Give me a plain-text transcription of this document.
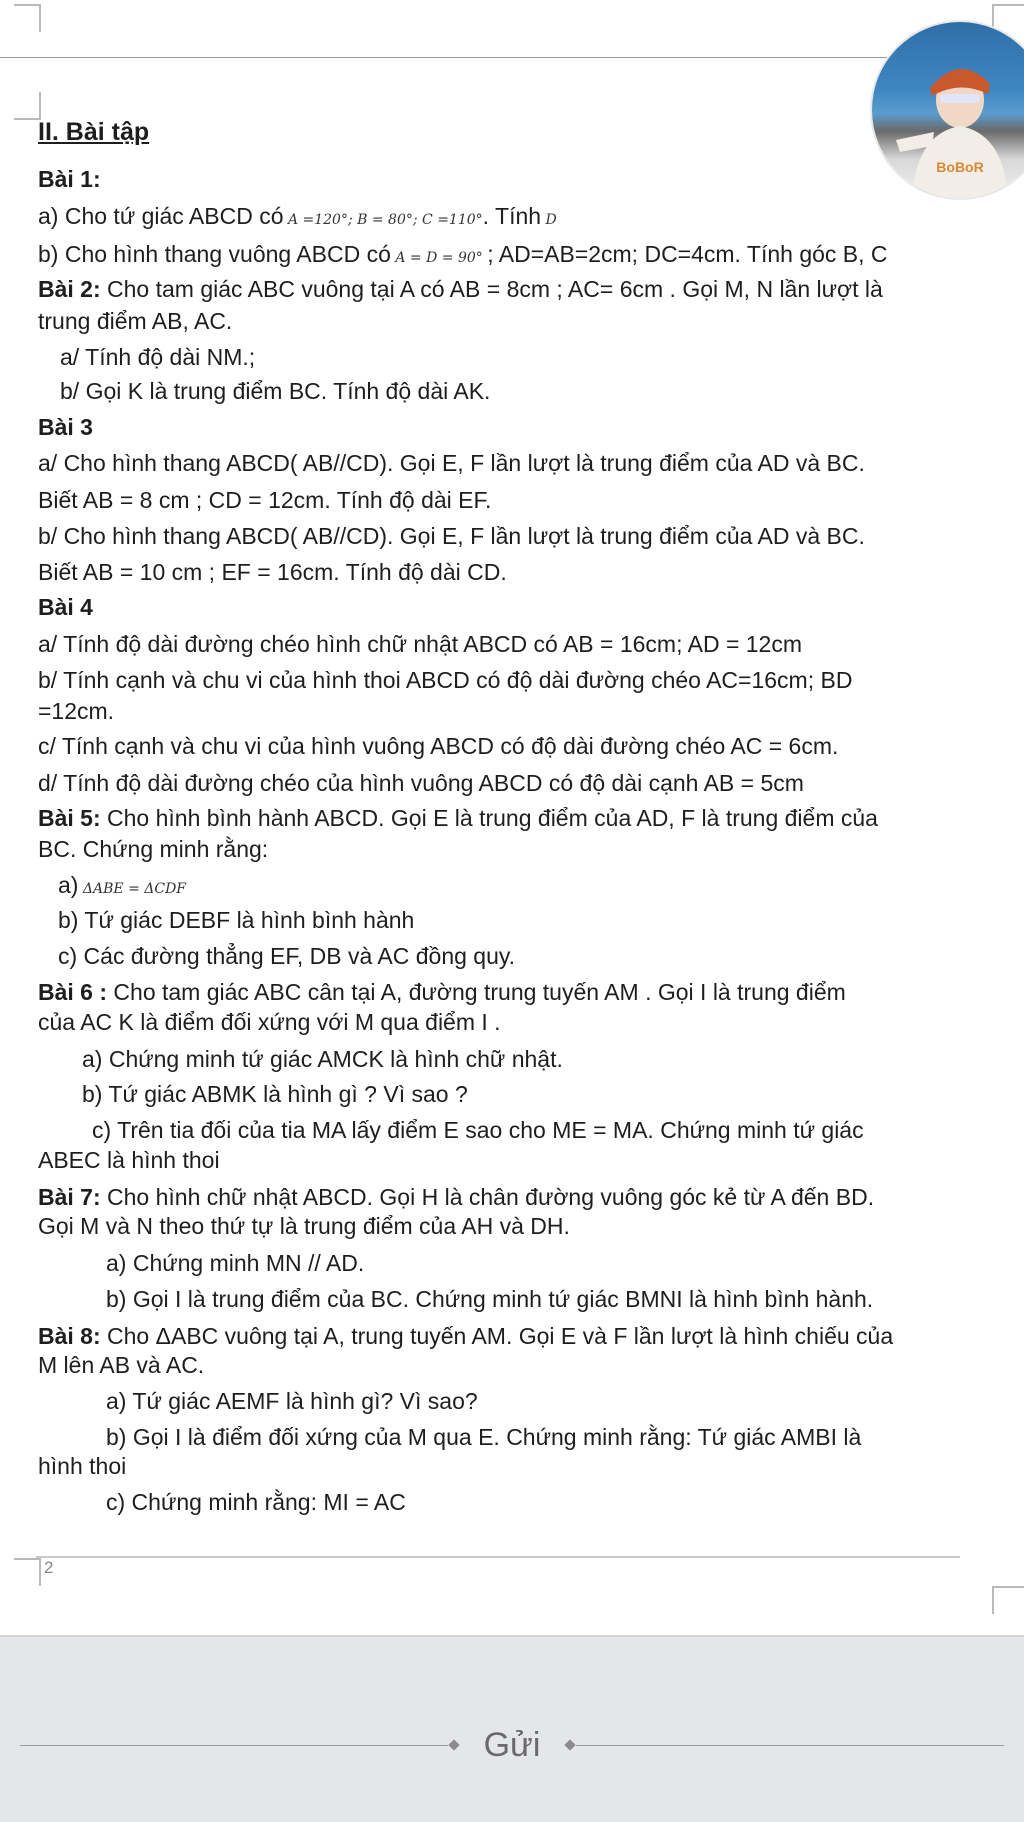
BoBoR
II. Bài tập
Bài 1:
a) Cho tứ giác ABCD có A =120°; B = 80°; C =110°. Tính D
b) Cho hình thang vuông ABCD có A = D = 90° ; AD=AB=2cm; DC=4cm. Tính góc B, C
Bài 2: Cho tam giác ABC vuông tại A có AB = 8cm ; AC= 6cm . Gọi M, N lần lượt là
trung điểm AB, AC.
a/ Tính độ dài NM.;
b/ Gọi K là trung điểm BC. Tính độ dài AK.
Bài 3
a/ Cho hình thang ABCD( AB//CD). Gọi E, F lần lượt là trung điểm của AD và BC.
Biết AB = 8 cm ; CD = 12cm. Tính độ dài EF.
b/ Cho hình thang ABCD( AB//CD). Gọi E, F lần lượt là trung điểm của AD và BC.
Biết AB = 10 cm ; EF = 16cm. Tính độ dài CD.
Bài 4
a/ Tính độ dài đường chéo hình chữ nhật ABCD có AB = 16cm; AD = 12cm
b/ Tính cạnh và chu vi của hình thoi ABCD có độ dài đường chéo AC=16cm; BD
=12cm.
c/ Tính cạnh và chu vi của hình vuông ABCD có độ dài đường chéo AC = 6cm.
d/ Tính độ dài đường chéo của hình vuông ABCD có độ dài cạnh AB = 5cm
Bài 5: Cho hình bình hành ABCD. Gọi E là trung điểm của AD, F là trung điểm của
BC. Chứng minh rằng:
a) ΔABE = ΔCDF
b) Tứ giác DEBF là hình bình hành
c) Các đường thẳng EF, DB và AC đồng quy.
Bài 6 : Cho tam giác ABC cân tại A, đường trung tuyến AM . Gọi I là trung điểm
của AC K là điểm đối xứng với M qua điểm I .
a) Chứng minh tứ giác AMCK là hình chữ nhật.
b) Tứ giác ABMK là hình gì ? Vì sao ?
c) Trên tia đối của tia MA lấy điểm E sao cho ME = MA. Chứng minh tứ giác
ABEC là hình thoi
Bài 7: Cho hình chữ nhật ABCD. Gọi H là chân đường vuông góc kẻ từ A đến BD.
Gọi M và N theo thứ tự là trung điểm của AH và DH.
a) Chứng minh MN // AD.
b) Gọi I là trung điểm của BC. Chứng minh tứ giác BMNI là hình bình hành.
Bài 8: Cho ΔABC vuông tại A, trung tuyến AM. Gọi E và F lần lượt là hình chiếu của
M lên AB và AC.
a) Tứ giác AEMF là hình gì? Vì sao?
b) Gọi I là điểm đối xứng của M qua E. Chứng minh rằng: Tứ giác AMBI là
hình thoi
c) Chứng minh rằng: MI = AC
2
Gửi
